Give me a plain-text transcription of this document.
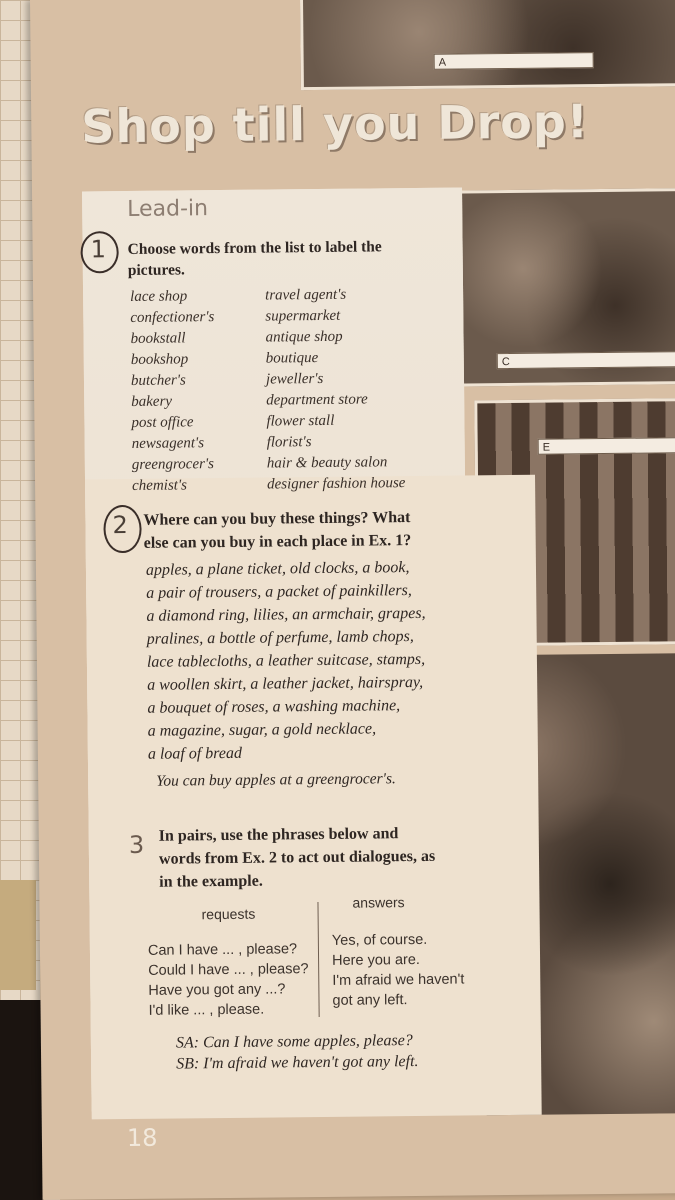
A
C
E
Shop till you Drop!
Lead-in
1 Choose words from the list to label the
pictures.
lace shop
confectioner's
bookstall
bookshop
butcher's
bakery
post office
newsagent's
greengrocer's
chemist's
travel agent's
supermarket
antique shop
boutique
jeweller's
department store
flower stall
florist's
hair & beauty salon
designer fashion house
2 Where can you buy these things? What
else can you buy in each place in Ex. 1?
apples, a plane ticket, old clocks, a book,
a pair of trousers, a packet of painkillers,
a diamond ring, lilies, an armchair, grapes,
pralines, a bottle of perfume, lamb chops,
lace tablecloths, a leather suitcase, stamps,
a woollen skirt, a leather jacket, hairspray,
a bouquet of roses, a washing machine,
a magazine, sugar, a gold necklace,
a loaf of bread
You can buy apples at a greengrocer's.
3 In pairs, use the phrases below and
words from Ex. 2 to act out dialogues, as
in the example.
requests
answers
Can I have ... , please?
Could I have ... , please?
Have you got any ...?
I'd like ... , please.
Yes, of course.
Here you are.
I'm afraid we haven't
got any left.
SA: Can I have some apples, please?
SB: I'm afraid we haven't got any left.
18
